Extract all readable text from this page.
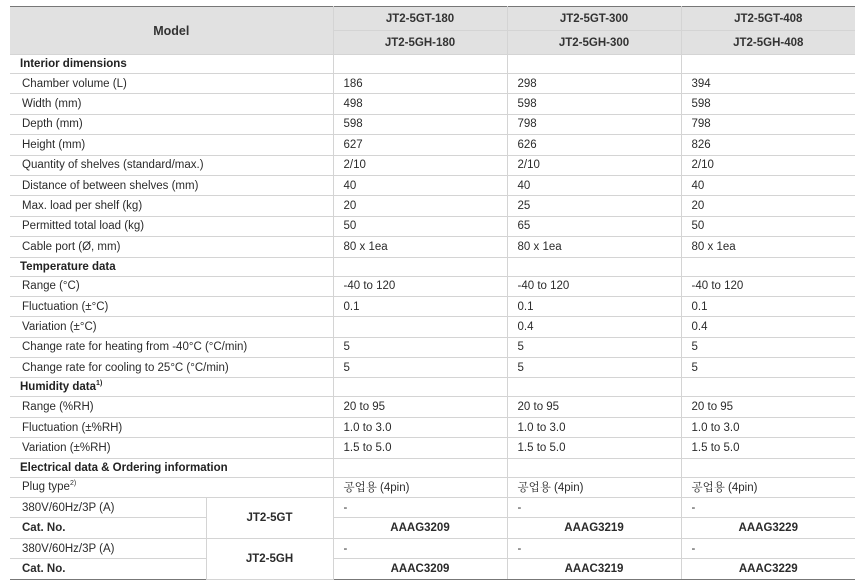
Model		JT2-5GT-180	JT2-5GT-300	JT2-5GT-408
		JT2-5GH-180	JT2-5GH-300	JT2-5GH-408
Interior dimensions				
Chamber volume (L)		186	298	394
Width (mm)		498	598	598
Depth (mm)		598	798	798
Height (mm)		627	626	826
Quantity of shelves (standard/max.)		2/10	2/10	2/10
Distance of between shelves (mm)		40	40	40
Max. load per shelf (kg)		20	25	20
Permitted total load (kg)		50	65	50
Cable port (Ø, mm)		80 x 1ea	80 x 1ea	80 x 1ea
Temperature data				
Range (°C)		-40 to 120	-40 to 120	-40 to 120
Fluctuation (±°C)		0.1	0.1	0.1
Variation (±°C)			0.4	0.4
Change rate for heating from -40°C (°C/min)		5	5	5
Change rate for cooling to 25°C (°C/min)		5	5	5
Humidity data$^{1)}$			
Range (%RH)		20 to 95	20 to 95	20 to 95
Fluctuation (±%RH)		1.0 to 3.0	1.0 to 3.0	1.0 to 3.0
Variation (±%RH)		1.5 to 5.0	1.5 to 5.0	1.5 to 5.0
Electrical data & Ordering information				
Plug type$^{2)}$		공업용 (4pin)	공업용 (4pin)	공업용 (4pin)
380V/60Hz/3P (A)	JT2-5GT	-	-	-
Cat. No.		AAAG3209	AAAG3219	AAAG3229
380V/60Hz/3P (A)	JT2-5GH	-	-	-
Cat. No.		AAAC3209	AAAC3219	AAAC3229
